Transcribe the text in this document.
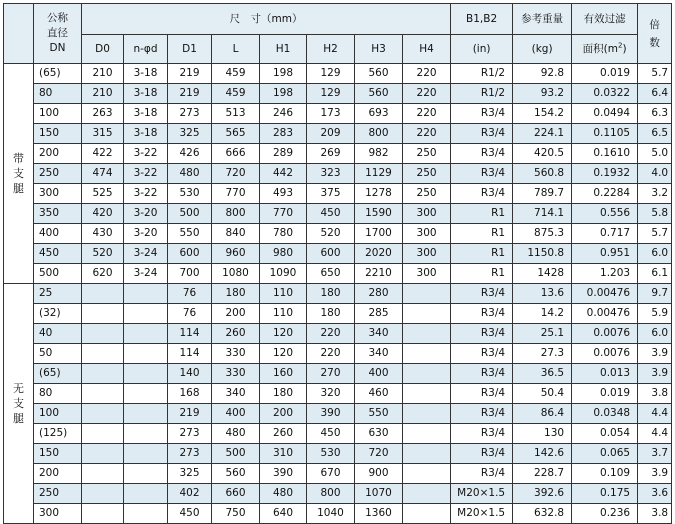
	公称
直径
DN	尺　寸（mm）								B1,B2	参考重量	有效过滤	倍
数
		D0	n-φd	D1	L	H1	H2	H3	H4	(in)	(kg)	面积$(m^2)$	
带支腿	(65)	210	3-18	219	459	198	129	560	220	R1/2	92.8	0.019	5.7
	80	210	3-18	219	459	198	129	560	220	R1/2	93.2	0.0322	6.4
	100	263	3-18	273	513	246	173	693	220	R3/4	154.2	0.0494	6.3
	150	315	3-18	325	565	283	209	800	220	R3/4	224.1	0.1105	6.5
	200	422	3-22	426	666	289	269	982	250	R3/4	420.5	0.1610	5.0
	250	474	3-22	480	720	442	323	1129	250	R3/4	560.8	0.1932	4.0
	300	525	3-22	530	770	493	375	1278	250	R3/4	789.7	0.2284	3.2
	350	420	3-20	500	800	770	450	1590	300	R1	714.1	0.556	5.8
	400	430	3-20	550	840	780	520	1700	300	R1	875.3	0.717	5.7
	450	520	3-24	600	960	980	600	2020	300	R1	1150.8	0.951	6.0
	500	620	3-24	700	1080	1090	650	2210	300	R1	1428	1.203	6.1
无支腿	25			76	180	110	180	280		R3/4	13.6	0.00476	9.7
	(32)			76	200	110	180	285		R3/4	14.2	0.00476	5.9
	40			114	260	120	220	340		R3/4	25.1	0.0076	6.0
	50			114	330	120	220	340		R3/4	27.3	0.0076	3.9
	(65)			140	330	160	270	400		R3/4	36.5	0.013	3.9
	80			168	340	180	320	460		R3/4	50.4	0.019	3.8
	100			219	400	200	390	550		R3/4	86.4	0.0348	4.4
	(125)			273	480	260	450	630		R3/4	130	0.054	4.4
	150			273	500	310	530	720		R3/4	142.6	0.065	3.7
	200			325	560	390	670	900		R3/4	228.7	0.109	3.9
	250			402	660	480	800	1070		M20×1.5	392.6	0.175	3.6
	300			450	750	640	1040	1360		M20×1.5	632.8	0.236	3.8
